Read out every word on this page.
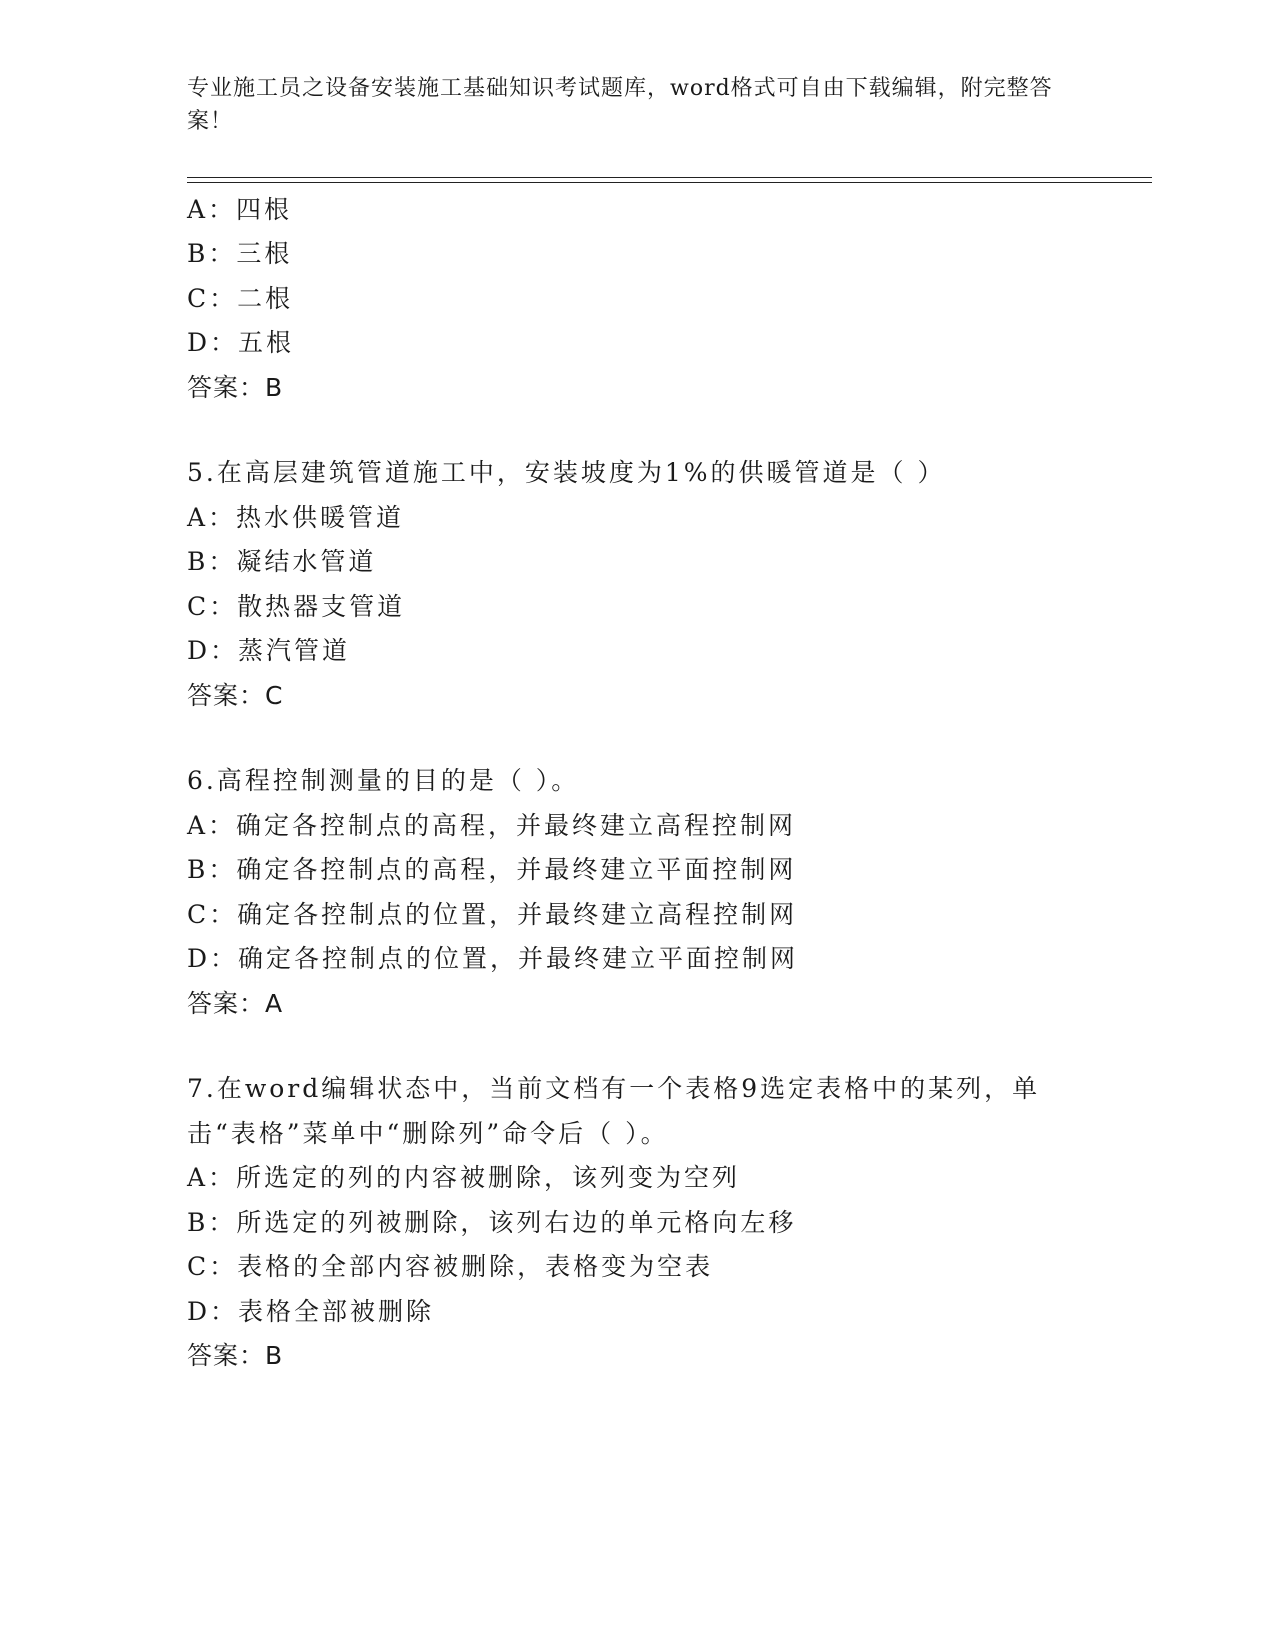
专业施工员之设备安装施工基础知识考试题库，word格式可自由下载编辑，附完整答案！
A：四根
B：三根
C：二根
D：五根
答案：B
5.在高层建筑管道施工中，安装坡度为1%的供暖管道是（ ）
A：热水供暖管道
B：凝结水管道
C：散热器支管道
D：蒸汽管道
答案：C
6.高程控制测量的目的是（ ）。
A：确定各控制点的高程，并最终建立高程控制网
B：确定各控制点的高程，并最终建立平面控制网
C：确定各控制点的位置，并最终建立高程控制网
D：确定各控制点的位置，并最终建立平面控制网
答案：A
7.在word编辑状态中，当前文档有一个表格9选定表格中的某列，单
击“表格”菜单中“删除列”命令后（ ）。
A：所选定的列的内容被删除，该列变为空列
B：所选定的列被删除，该列右边的单元格向左移
C：表格的全部内容被删除，表格变为空表
D：表格全部被删除
答案：B
